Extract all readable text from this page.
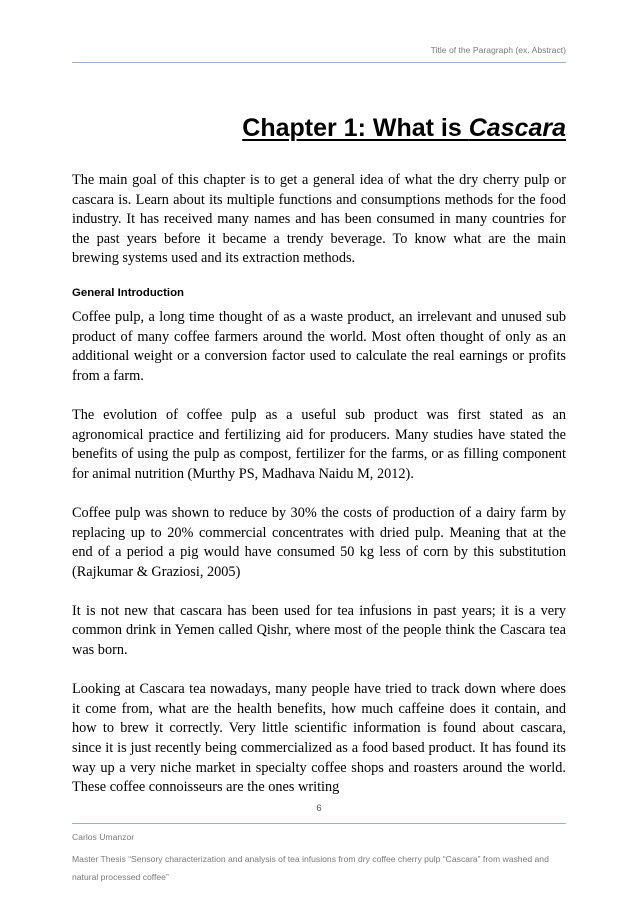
Title of the Paragraph (ex. Abstract)
Chapter 1: What is Cascara

The main goal of this chapter is to get a general idea of what the dry cherry pulp or cascara is. Learn about its multiple functions and consumptions methods for the food industry. It has received many names and has been consumed in many countries for the past years before it became a trendy beverage. To know what are the main brewing systems used and its extraction methods.

General Introduction

Coffee pulp, a long time thought of as a waste product, an irrelevant and unused sub product of many coffee farmers around the world. Most often thought of only as an additional weight or a conversion factor used to calculate the real earnings or profits from a farm.

The evolution of coffee pulp as a useful sub product was first stated as an agronomical practice and fertilizing aid for producers. Many studies have stated the benefits of using the pulp as compost, fertilizer for the farms, or as filling component for animal nutrition (Murthy PS, Madhava Naidu M, 2012).

Coffee pulp was shown to reduce by 30% the costs of production of a dairy farm by replacing up to 20% commercial concentrates with dried pulp. Meaning that at the end of a period a pig would have consumed 50 kg less of corn by this substitution (Rajkumar & Graziosi, 2005)

It is not new that cascara has been used for tea infusions in past years; it is a very common drink in Yemen called Qishr, where most of the people think the Cascara tea was born.

Looking at Cascara tea nowadays, many people have tried to track down where does it come from, what are the health benefits, how much caffeine does it contain, and how to brew it correctly. Very little scientific information is found about cascara, since it is just recently being commercialized as a food based product. It has found its way up a very niche market in specialty coffee shops and roasters around the world. These coffee connoisseurs are the ones writing

6
Carlos Umanzor
Master Thesis “Sensory characterization and analysis of tea infusions from dry coffee cherry pulp “Cascara” from washed and natural processed coffee”
